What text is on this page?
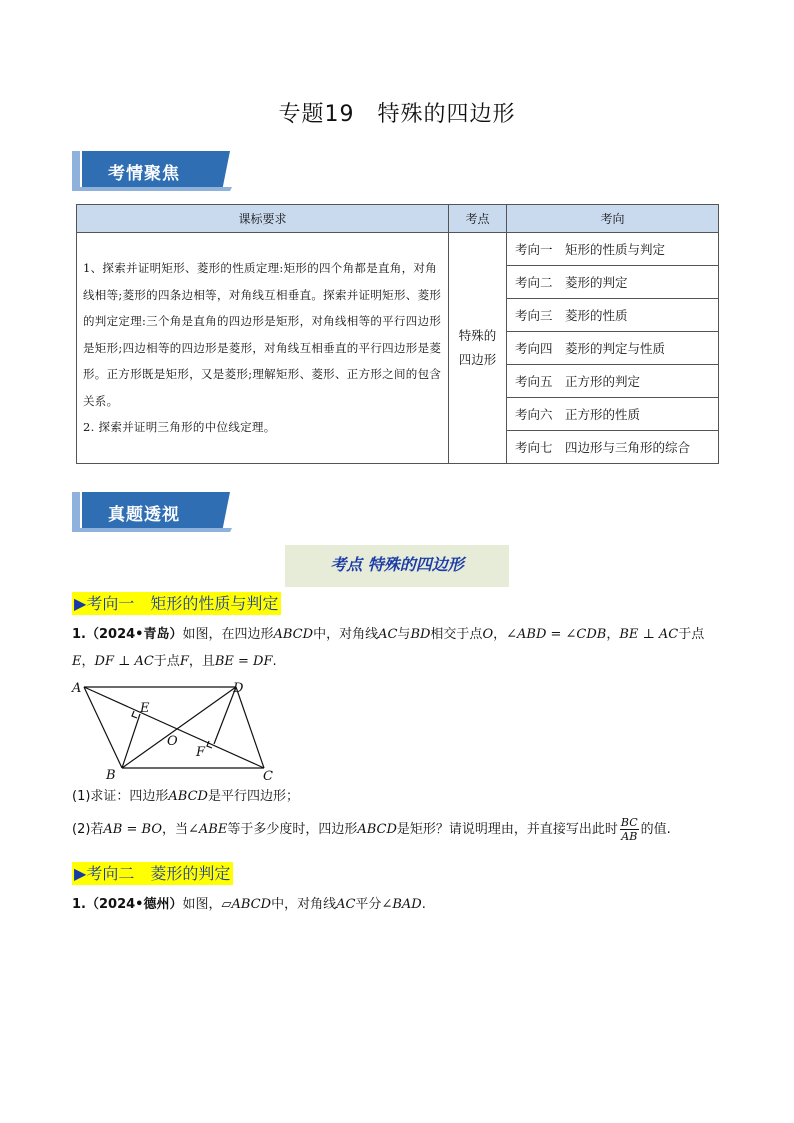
专题19　特殊的四边形
考情聚焦
课标要求	考点	考向
1、探索并证明矩形、菱形的性质定理:矩形的四个角都是直角，对角线相等;菱形的四条边相等，对角线互相垂直。探索并证明矩形、菱形的判定定理:三个角是直角的四边形是矩形，对角线相等的平行四边形是矩形;四边相等的四边形是菱形，对角线互相垂直的平行四边形是菱形。正方形既是矩形，又是菱形;理解矩形、菱形、正方形之间的包含关系。
2. 探索并证明三角形的中位线定理。	特殊的四边形	考向一　矩形的性质与判定
		考向二　菱形的判定
		考向三　菱形的性质
		考向四　菱形的判定与性质
		考向五　正方形的判定
		考向六　正方形的性质
		考向七　四边形与三角形的综合
真题透视
考点 特殊的四边形
▶考向一　矩形的性质与判定
1.（2024•青岛）如图，在四边形ABCD中，对角线AC与BD相交于点O，∠ABD = ∠CDB，BE ⊥ AC于点
E，DF ⊥ AC于点F，且BE = DF.
A	D
B	C
E
F
O
(1)求证：四边形ABCD是平行四边形；
(2)若AB = BO，当∠ABE等于多少度时，四边形ABCD是矩形？请说明理由，并直接写出此时 $\frac{BC}{AB}$ 的值.
▶考向二　菱形的判定
1.（2024•德州）如图，▱ABCD中，对角线AC平分∠BAD.
